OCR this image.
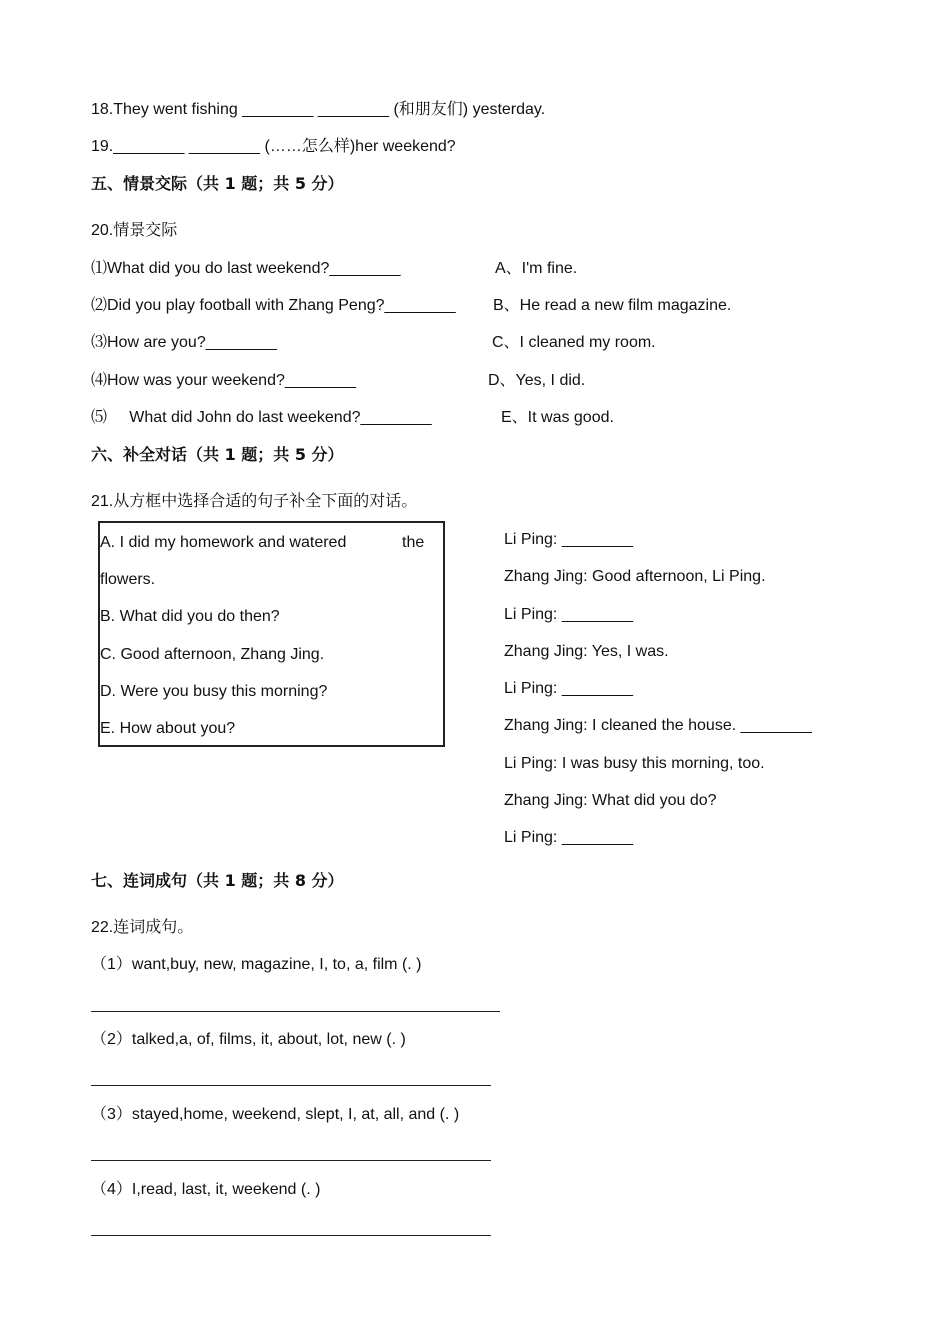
18.They went fishing ________ ________ (和朋友们) yesterday.
19.________ ________ (……怎么样)her weekend?
五、情景交际（共 1 题；共 5 分）
20.情景交际
⑴What did you do last weekend?________
⑵Did you play football with Zhang Peng?________
⑶How are you?________
⑷How was your weekend?________
⑸     What did John do last weekend?________
A、I'm fine.
B、He read a new film magazine.
C、I cleaned my room.
D、Yes, I did.
E、It was good.
六、补全对话（共 1 题；共 5 分）
21.从方框中选择合适的句子补全下面的对话。
A. I did my homework and watered	the
flowers.
B. What did you do then?
C. Good afternoon, Zhang Jing.
D. Were you busy this morning?
E. How about you?
Li Ping: ________
Zhang Jing: Good afternoon, Li Ping.
Li Ping: ________
Zhang Jing: Yes, I was.
Li Ping: ________
Zhang Jing: I cleaned the house. ________
Li Ping: I was busy this morning, too.
Zhang Jing: What did you do?
Li Ping: ________
七、连词成句（共 1 题；共 8 分）
22.连词成句。
（1）want,buy, new, magazine, I, to, a, film (. )
（2）talked,a, of, films, it, about, lot, new (. )
（3）stayed,home, weekend, slept, I, at, all, and (. )
（4）I,read, last, it, weekend (. )
